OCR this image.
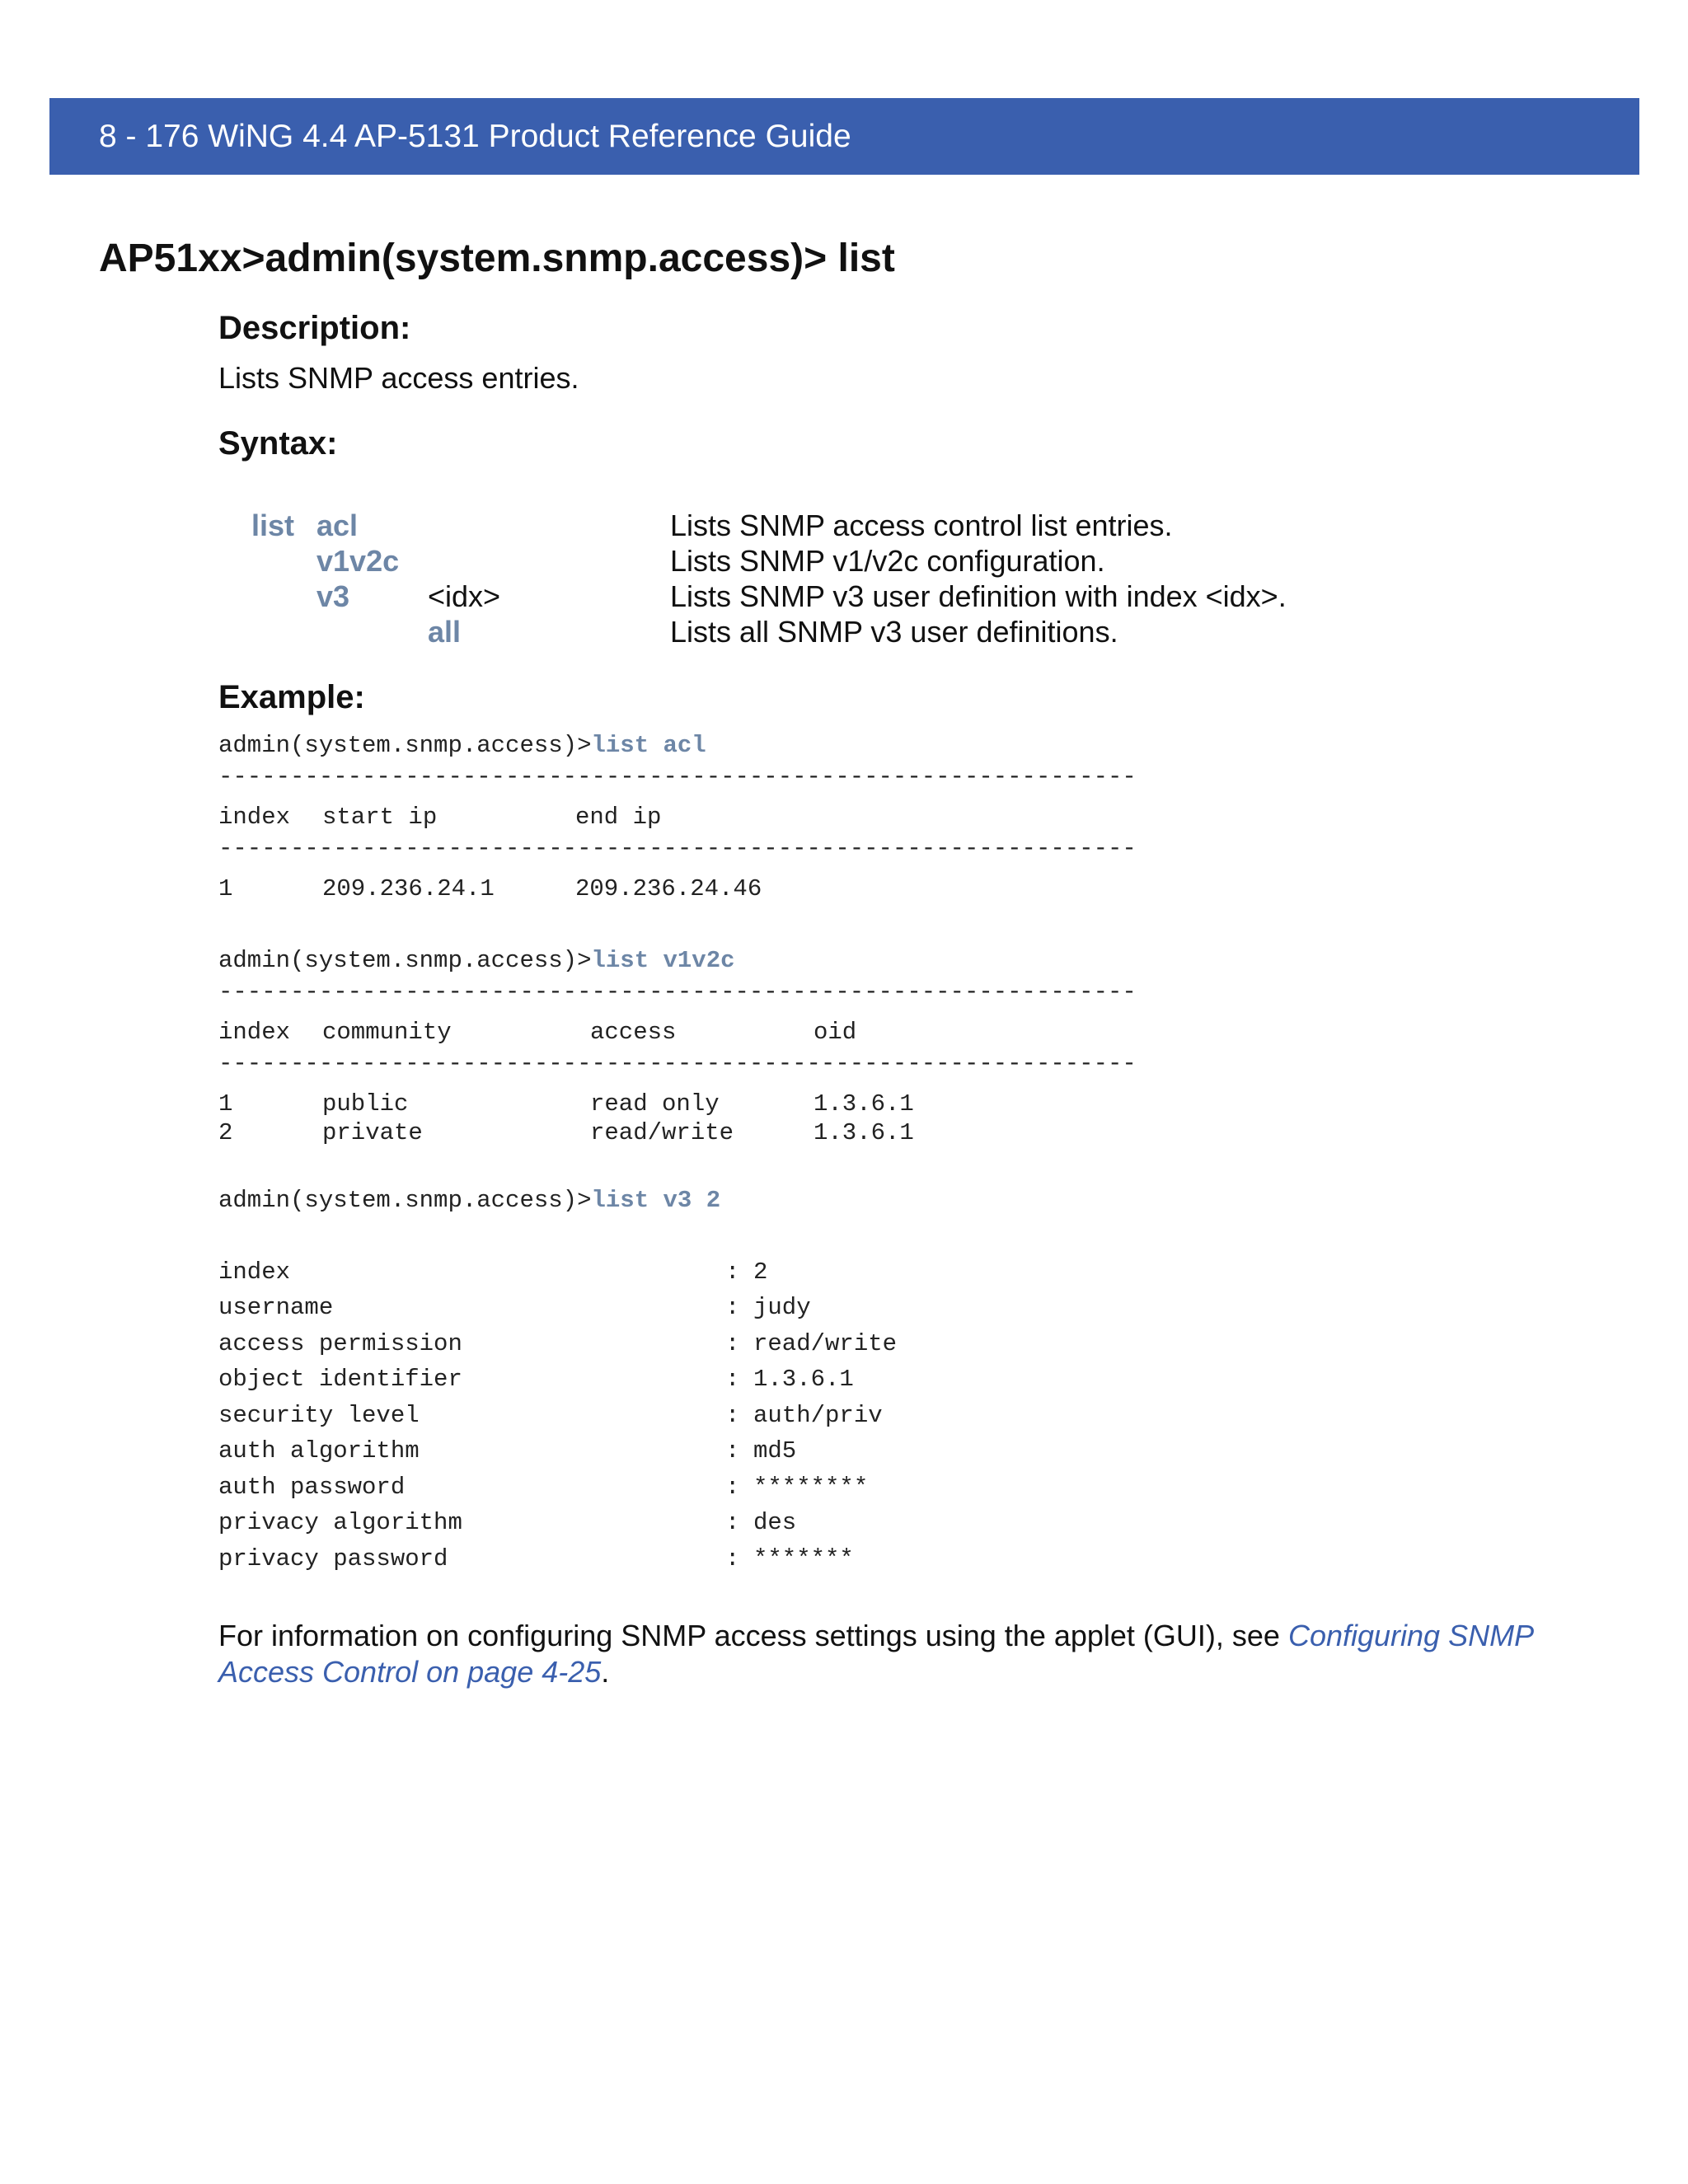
8 - 176 WiNG 4.4 AP-5131 Product Reference Guide
AP51xx>admin(system.snmp.access)> list
Description:
Lists SNMP access entries.
Syntax:
list acl	Lists SNMP access control list entries.
v1v2c	Lists SNMP v1/v2c configuration.
v3	<idx>	Lists SNMP v3 user definition with index <idx>.
all	Lists all SNMP v3 user definitions.
Example:
admin(system.snmp.access)>list acl
----------------------------------------------------------------
index start ip	end ip
----------------------------------------------------------------
1	209.236.24.1	209.236.24.46
admin(system.snmp.access)>list v1v2c
----------------------------------------------------------------
index community	access	oid
----------------------------------------------------------------
1	public	read only	1.3.6.1
2	private	read/write	1.3.6.1
admin(system.snmp.access)>list v3 2
index	: 2
username	: judy
access permission	: read/write
object identifier	: 1.3.6.1
security level	: auth/priv
auth algorithm	: md5
auth password	: ********
privacy algorithm	: des
privacy password	: *******
For information on configuring SNMP access settings using the applet (GUI), see Configuring SNMP Access Control on page 4-25.
